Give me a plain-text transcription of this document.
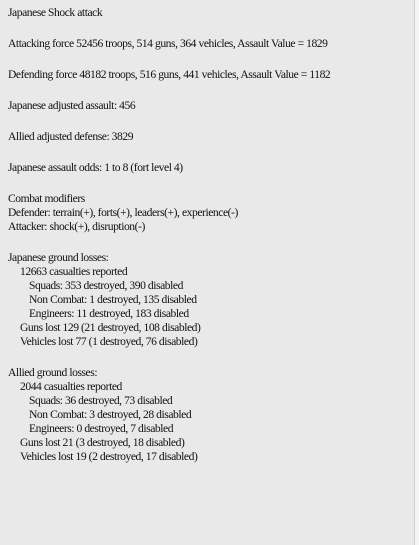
Japanese Shock attack
Attacking force 52456 troops, 514 guns, 364 vehicles, Assault Value = 1829
Defending force 48182 troops, 516 guns, 441 vehicles, Assault Value = 1182
Japanese adjusted assault: 456
Allied adjusted defense: 3829
Japanese assault odds: 1 to 8 (fort level 4)
Combat modifiers
Defender: terrain(+), forts(+), leaders(+), experience(-)
Attacker: shock(+), disruption(-)
Japanese ground losses:
12663 casualties reported
Squads: 353 destroyed, 390 disabled
Non Combat: 1 destroyed, 135 disabled
Engineers: 11 destroyed, 183 disabled
Guns lost 129 (21 destroyed, 108 disabled)
Vehicles lost 77 (1 destroyed, 76 disabled)
Allied ground losses:
2044 casualties reported
Squads: 36 destroyed, 73 disabled
Non Combat: 3 destroyed, 28 disabled
Engineers: 0 destroyed, 7 disabled
Guns lost 21 (3 destroyed, 18 disabled)
Vehicles lost 19 (2 destroyed, 17 disabled)
